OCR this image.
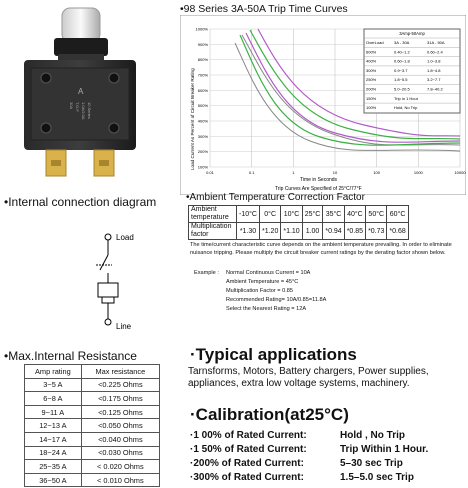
A
10 Series
1.0A/2.0A
T.O.F.
30A
•98 Series 3A-50A Trip Time Curves
1000%
900%
800%
700%
600%
500%
400%
300%
200%
100%
0.01	0.1	1	10	100	1000	10000
Load Current As Percent of Circuit Breaker Rating
Time in Seconds
Trip Curves Are Specified of 25°C/77°F
3Amp-50Amp
OverLoad	3A - 30A	31A - 50A
600%	0.40~1.2	0.60~2.4
400%	0.60~1.8	1.0~3.8
300%	0.9~3.7	1.8~4.8
250%	1.8~5.5	3.2~7.7
200%	5.0~20.5	7.8~40.2
150%	Trip in 1 Hour
100%	Hold, No Trip
•Internal connection diagram
Load
Line
•Ambient Temperature Correction Factor
Ambient temperature	-10°C	0°C	10°C	25°C	35°C	40°C	50°C	60°C
Multiplication factor	*1.30	*1.20	*1.10	1.00	*0.94	*0.85	*0.73	*0.68
The time/current characteristic curve depends on the ambient temperature prevailing. In order to eliminate nuisance tripping. Please multiply the circuit breaker current ratings by the derating factor shown below.
Example : Normal Continuous Current = 10A
Ambient Temperature = 45°C
Multiplication Factor = 0.85
Recommended Rating= 10A/0.85=11.8A
Select the Nearest Rating = 12A
•Max.Internal Resistance
Amp rating	Max resistance
3~5 A	<0.225 Ohms
6~8 A	<0.175 Ohms
9~11 A	<0.125 Ohms
12~13 A	<0.050 Ohms
14~17 A	<0.040 Ohms
18~24 A	<0.030 Ohms
25~35 A	< 0.020 Ohms
36~50 A	< 0.010 Ohms
·Typical applications
Tarnsforms, Motors, Battery chargers, Power supplies, appliances, extra low voltage systems, machinery.
·Calibration(at25°C)
·1 00% of Rated Current:	Hold , No Trip
·1 50% of Rated Current:	Trip Within 1 Hour.
·200% of Rated Current:	5–30 sec Trip
·300% of Rated Current:	1.5–5.0 sec Trip
